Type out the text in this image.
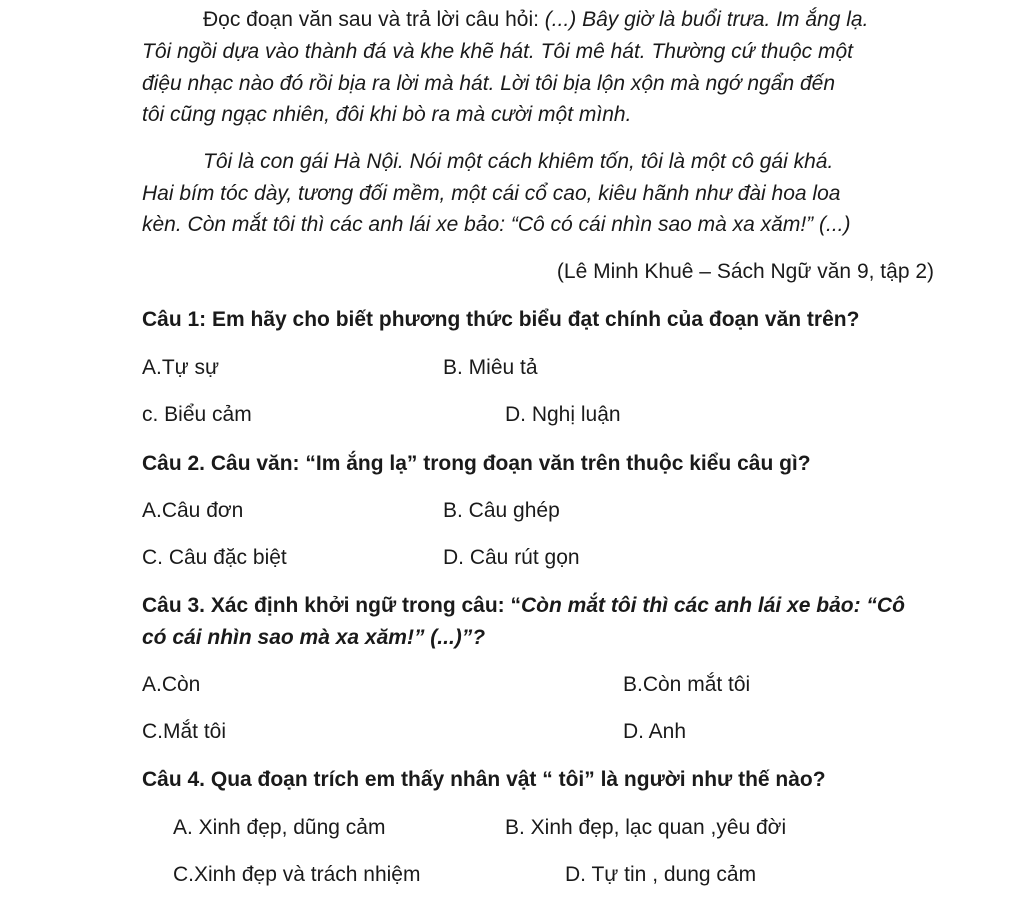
Đọc đoạn văn sau và trả lời câu hỏi: (...) Bây giờ là buổi trưa. Im ắng lạ.
Tôi ngồi dựa vào thành đá và khe khẽ hát. Tôi mê hát. Thường cứ thuộc một
điệu nhạc nào đó rồi bịa ra lời mà hát. Lời tôi bịa lộn xộn mà ngớ ngẩn đến
tôi cũng ngạc nhiên, đôi khi bò ra mà cười một mình.
Tôi là con gái Hà Nội. Nói một cách khiêm tốn, tôi là một cô gái khá.
Hai bím tóc dày, tương đối mềm, một cái cổ cao, kiêu hãnh như đài hoa loa
kèn. Còn mắt tôi thì các anh lái xe bảo: “Cô có cái nhìn sao mà xa xăm!” (...)
(Lê Minh Khuê – Sách Ngữ văn 9, tập 2)
Câu 1: Em hãy cho biết phương thức biểu đạt chính của đoạn văn trên?
A.Tự sự	B. Miêu tả
c. Biểu cảm	D. Nghị luận
Câu 2. Câu văn: “Im ắng lạ” trong đoạn văn trên thuộc kiểu câu gì?
A.Câu đơn	B. Câu ghép
C. Câu đặc biệt	D. Câu rút gọn
Câu 3. Xác định khởi ngữ trong câu: “Còn mắt tôi thì các anh lái xe bảo: “Cô
có cái nhìn sao mà xa xăm!” (...)”?
A.Còn	B.Còn mắt tôi
C.Mắt tôi	D. Anh
Câu 4. Qua đoạn trích em thấy nhân vật “ tôi” là người như thế nào?
A. Xinh đẹp, dũng cảm	B. Xinh đẹp, lạc quan ,yêu đời
C.Xinh đẹp và trách nhiệm	D. Tự tin , dung cảm
